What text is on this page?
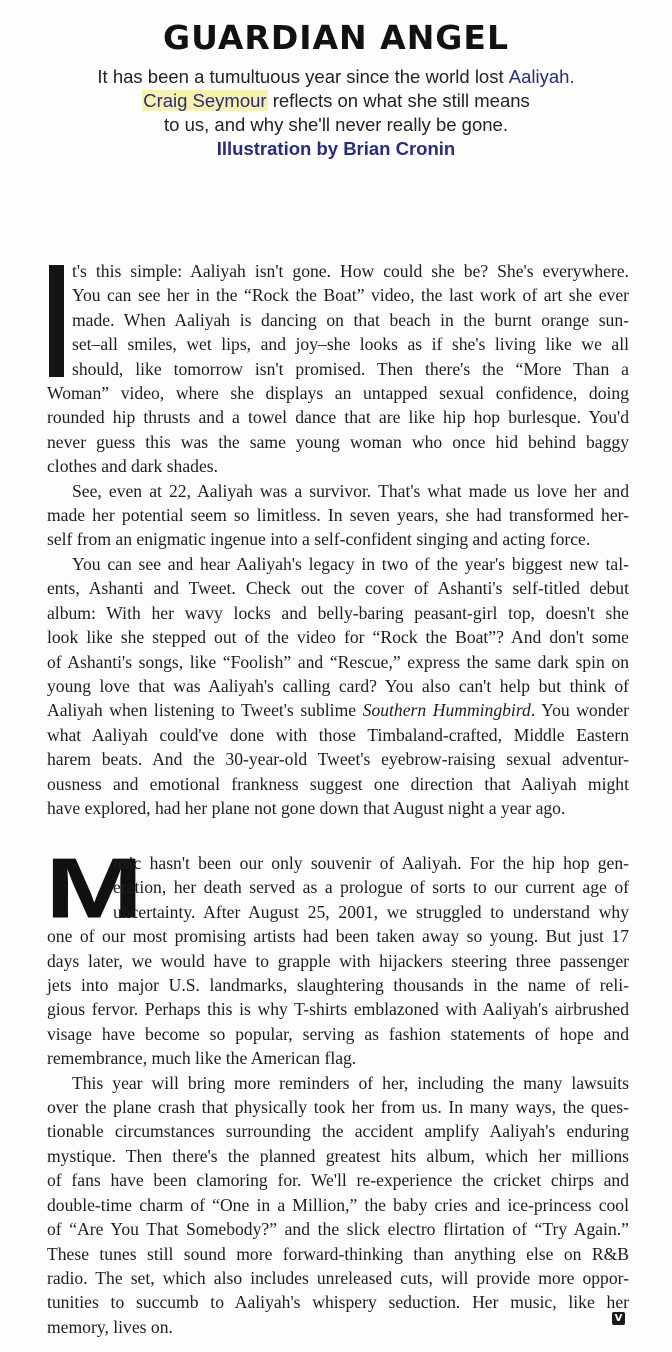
GUARDIAN ANGEL
It has been a tumultuous year since the world lost Aaliyah.
Craig Seymour reflects on what she still means
to us, and why she'll never really be gone.
Illustration by Brian Cronin

t's this simple: Aaliyah isn't gone. How could she be? She's everywhere.
You can see her in the “Rock the Boat” video, the last work of art she ever
made. When Aaliyah is dancing on that beach in the burnt orange sun-
set–all smiles, wet lips, and joy–she looks as if she's living like we all
should, like tomorrow isn't promised. Then there's the “More Than a
Woman” video, where she displays an untapped sexual confidence, doing
rounded hip thrusts and a towel dance that are like hip hop burlesque. You'd
never guess this was the same young woman who once hid behind baggy
clothes and dark shades.

See, even at 22, Aaliyah was a survivor. That's what made us love her and
made her potential seem so limitless. In seven years, she had transformed her-
self from an enigmatic ingenue into a self-confident singing and acting force.

You can see and hear Aaliyah's legacy in two of the year's biggest new tal-
ents, Ashanti and Tweet. Check out the cover of Ashanti's self-titled debut
album: With her wavy locks and belly-baring peasant-girl top, doesn't she
look like she stepped out of the video for “Rock the Boat”? And don't some
of Ashanti's songs, like “Foolish” and “Rescue,” express the same dark spin on
young love that was Aaliyah's calling card? You also can't help but think of
Aaliyah when listening to Tweet's sublime Southern Hummingbird. You wonder
what Aaliyah could've done with those Timbaland-crafted, Middle Eastern
harem beats. And the 30-year-old Tweet's eyebrow-raising sexual adventur-
ousness and emotional frankness suggest one direction that Aaliyah might
have explored, had her plane not gone down that August night a year ago.

M

usic hasn't been our only souvenir of Aaliyah. For the hip hop gen-
eration, her death served as a prologue of sorts to our current age of
uncertainty. After August 25, 2001, we struggled to understand why
one of our most promising artists had been taken away so young. But just 17
days later, we would have to grapple with hijackers steering three passenger
jets into major U.S. landmarks, slaughtering thousands in the name of reli-
gious fervor. Perhaps this is why T-shirts emblazoned with Aaliyah's airbrushed
visage have become so popular, serving as fashion statements of hope and
remembrance, much like the American flag.

This year will bring more reminders of her, including the many lawsuits
over the plane crash that physically took her from us. In many ways, the ques-
tionable circumstances surrounding the accident amplify Aaliyah's enduring
mystique. Then there's the planned greatest hits album, which her millions
of fans have been clamoring for. We'll re-experience the cricket chirps and
double-time charm of “One in a Million,” the baby cries and ice-princess cool
of “Are You That Somebody?” and the slick electro flirtation of “Try Again.”
These tunes still sound more forward-thinking than anything else on R&B
radio. The set, which also includes unreleased cuts, will provide more oppor-
tunities to succumb to Aaliyah's whispery seduction. Her music, like her
memory, lives on.	V
